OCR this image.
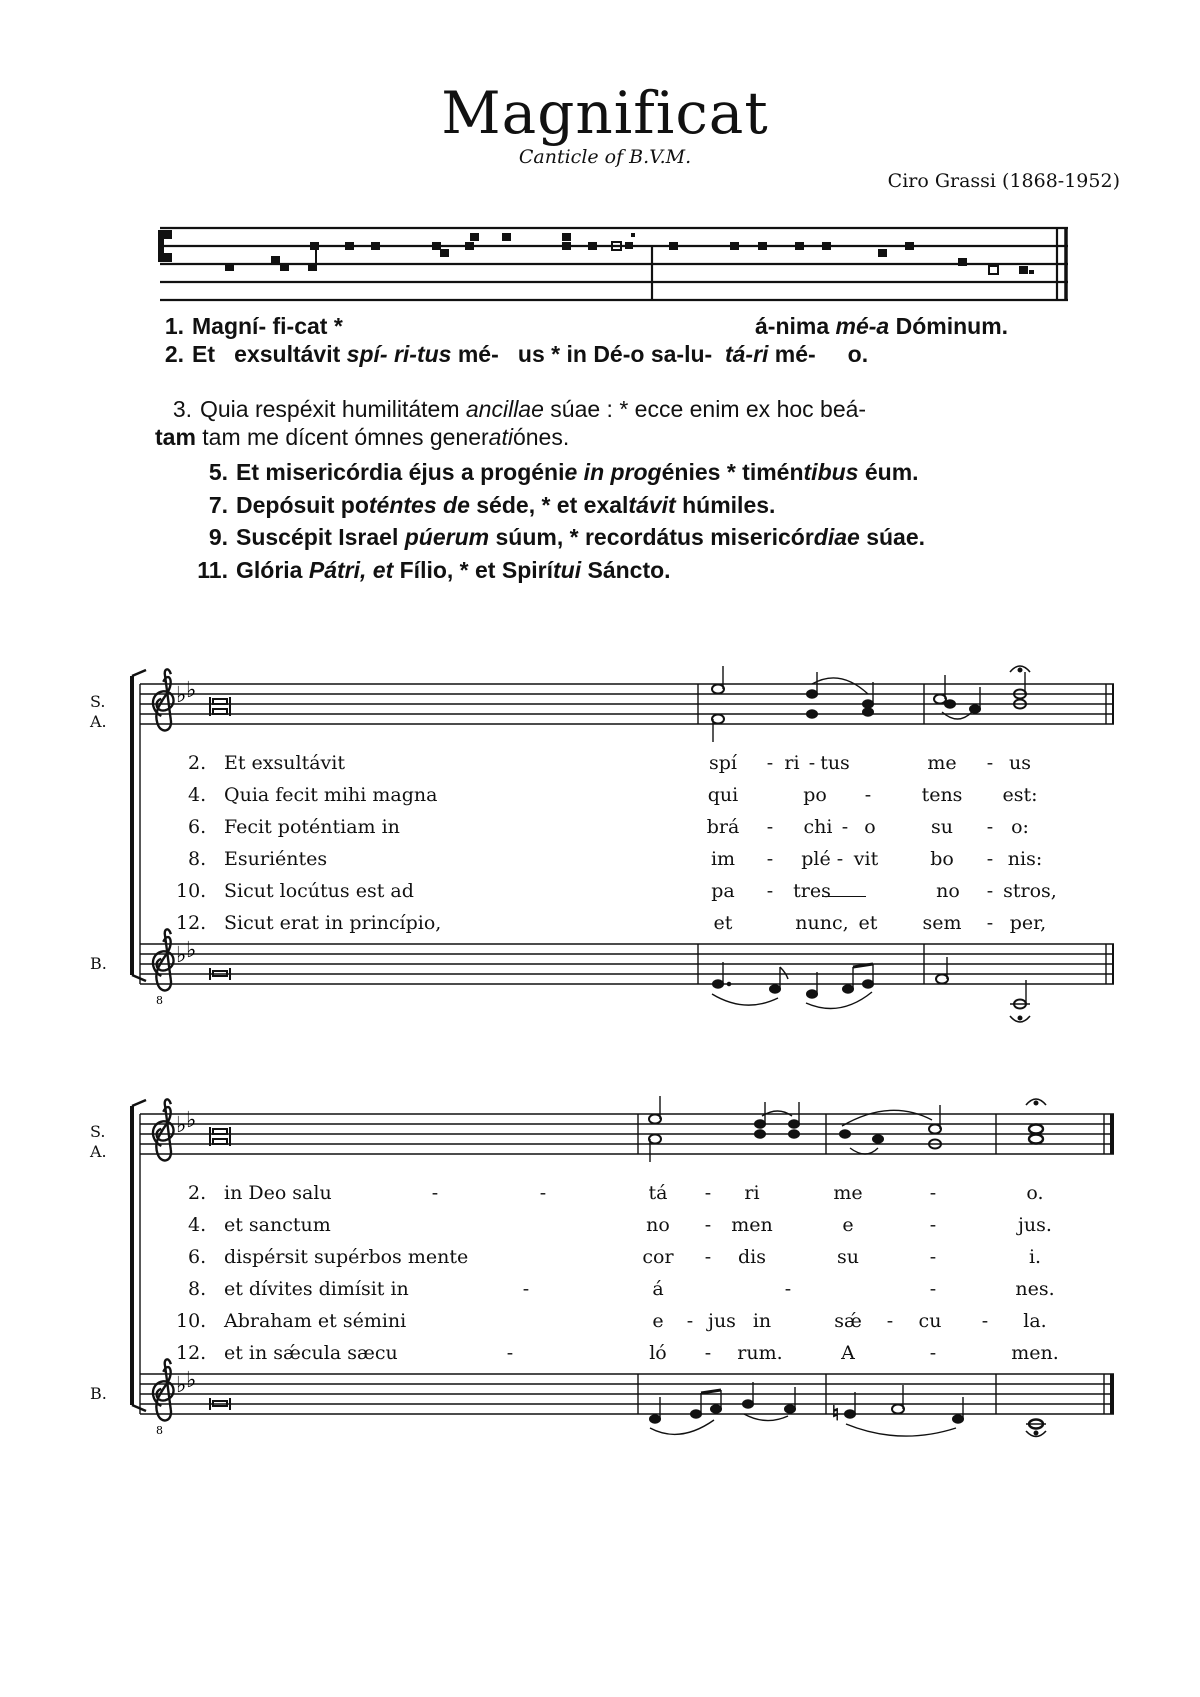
Magnificat
Canticle of B.V.M.
Ciro Grassi (1868-1952)
1. Magní- fi-cat *	á-nima mé-a Dóminum.
2. Et exsultávit spí- ri-tus mé- us * in Dé-o sa-lu- tá-ri mé- o.
3. Quia respéxit humilitátem ancillae súae : * ecce enim ex hoc beá-
tam tam me dícent ómnes generatiónes.
5. Et misericórdia éjus a progénie in progénies * timéntibus éum.
7. Depósuit poténtes de séde, * et exaltávit húmiles.
9. Suscépit Israel púerum súum, * recordátus misericórdiae súae.
11. Glória Pátri, et Fílio, * et Spirítui Sáncto.
♭ ♭
8
♭ ♭
♭ ♭
8
♭ ♭
♮
S.
A.
B.
S.
A.
B.
2. Et exsultávit	spí	- ri - tus	me	- us
4. Quia fecit mihi magna	qui	po	-	tens	est:
6. Fecit poténtiam in	brá	-	chi - o	su	- o:
8. Esuriéntes	im	-	plé - vit	bo	- nis:
10. Sicut locútus est ad	pa	-	tres	no	- stros,
12. Sicut erat in princípio,	et	nunc, et	sem	- per,
2. in Deo salu	-	-	tá	-	ri	me	-	o.
4. et sanctum	no	-	men	e	-	jus.
6. dispérsit supérbos mente	cor	-	dis	su	-	i.
8. et dívites dimísit in	-	á	-	-	nes.
10. Abraham et sémini	e	- jus in	sǽ	-	cu	-	la.
12. et in sǽcula sæcu	-	ló	-	rum.	A	-	men.
